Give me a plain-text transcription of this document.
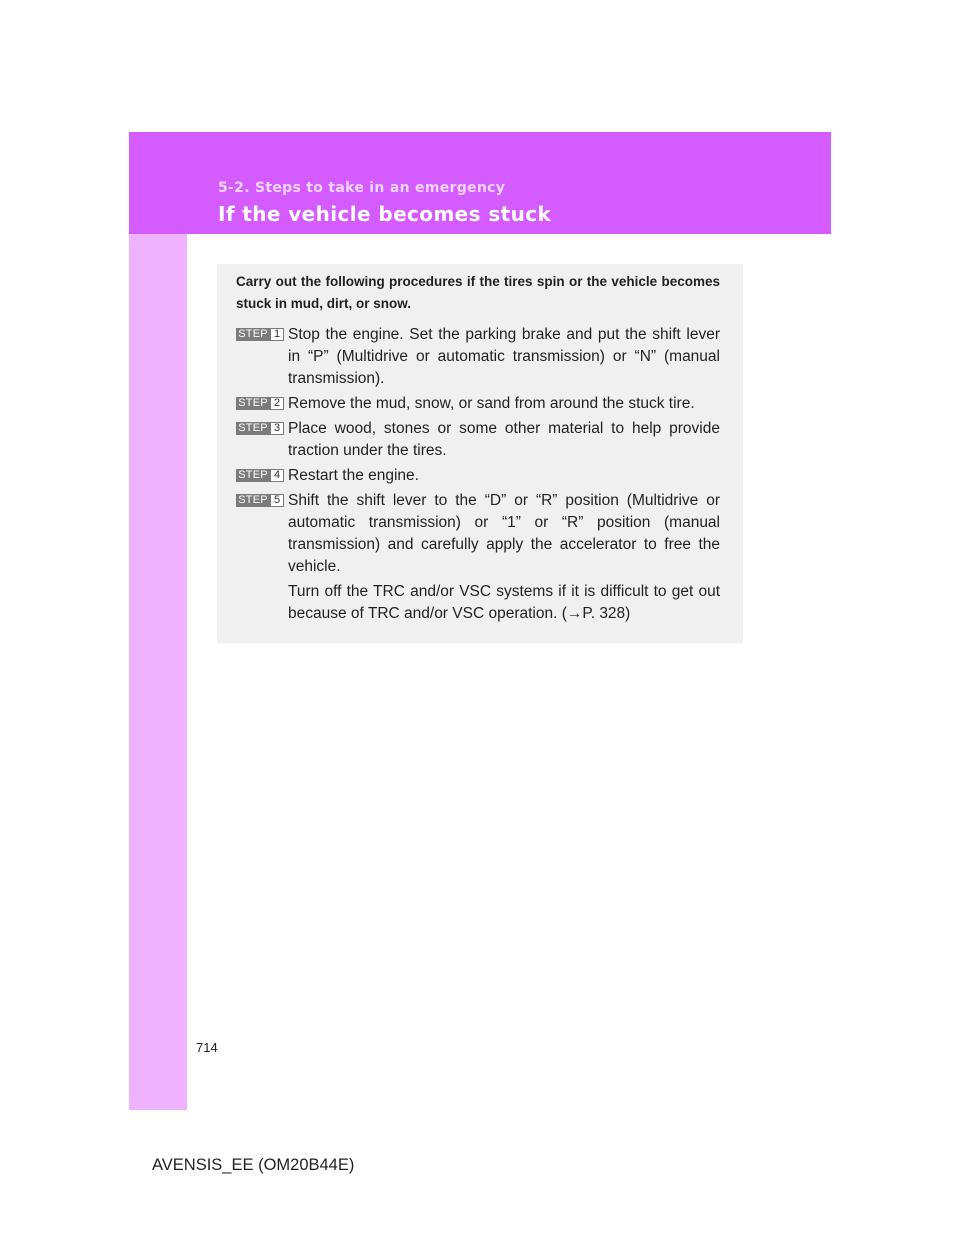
5-2. Steps to take in an emergency
If the vehicle becomes stuck

Carry out the following procedures if the tires spin or the vehicle becomes stuck in mud, dirt, or snow.

STEP 1 Stop the engine. Set the parking brake and put the shift lever in “P” (Multidrive or automatic transmission) or “N” (manual transmission).

STEP 2 Remove the mud, snow, or sand from around the stuck tire.

STEP 3 Place wood, stones or some other material to help provide traction under the tires.

STEP 4 Restart the engine.

STEP 5 Shift the shift lever to the “D” or “R” position (Multidrive or automatic transmission) or “1” or “R” position (manual transmission) and carefully apply the accelerator to free the vehicle.

Turn off the TRC and/or VSC systems if it is difficult to get out because of TRC and/or VSC operation. (→P. 328)

714
AVENSIS_EE (OM20B44E)
